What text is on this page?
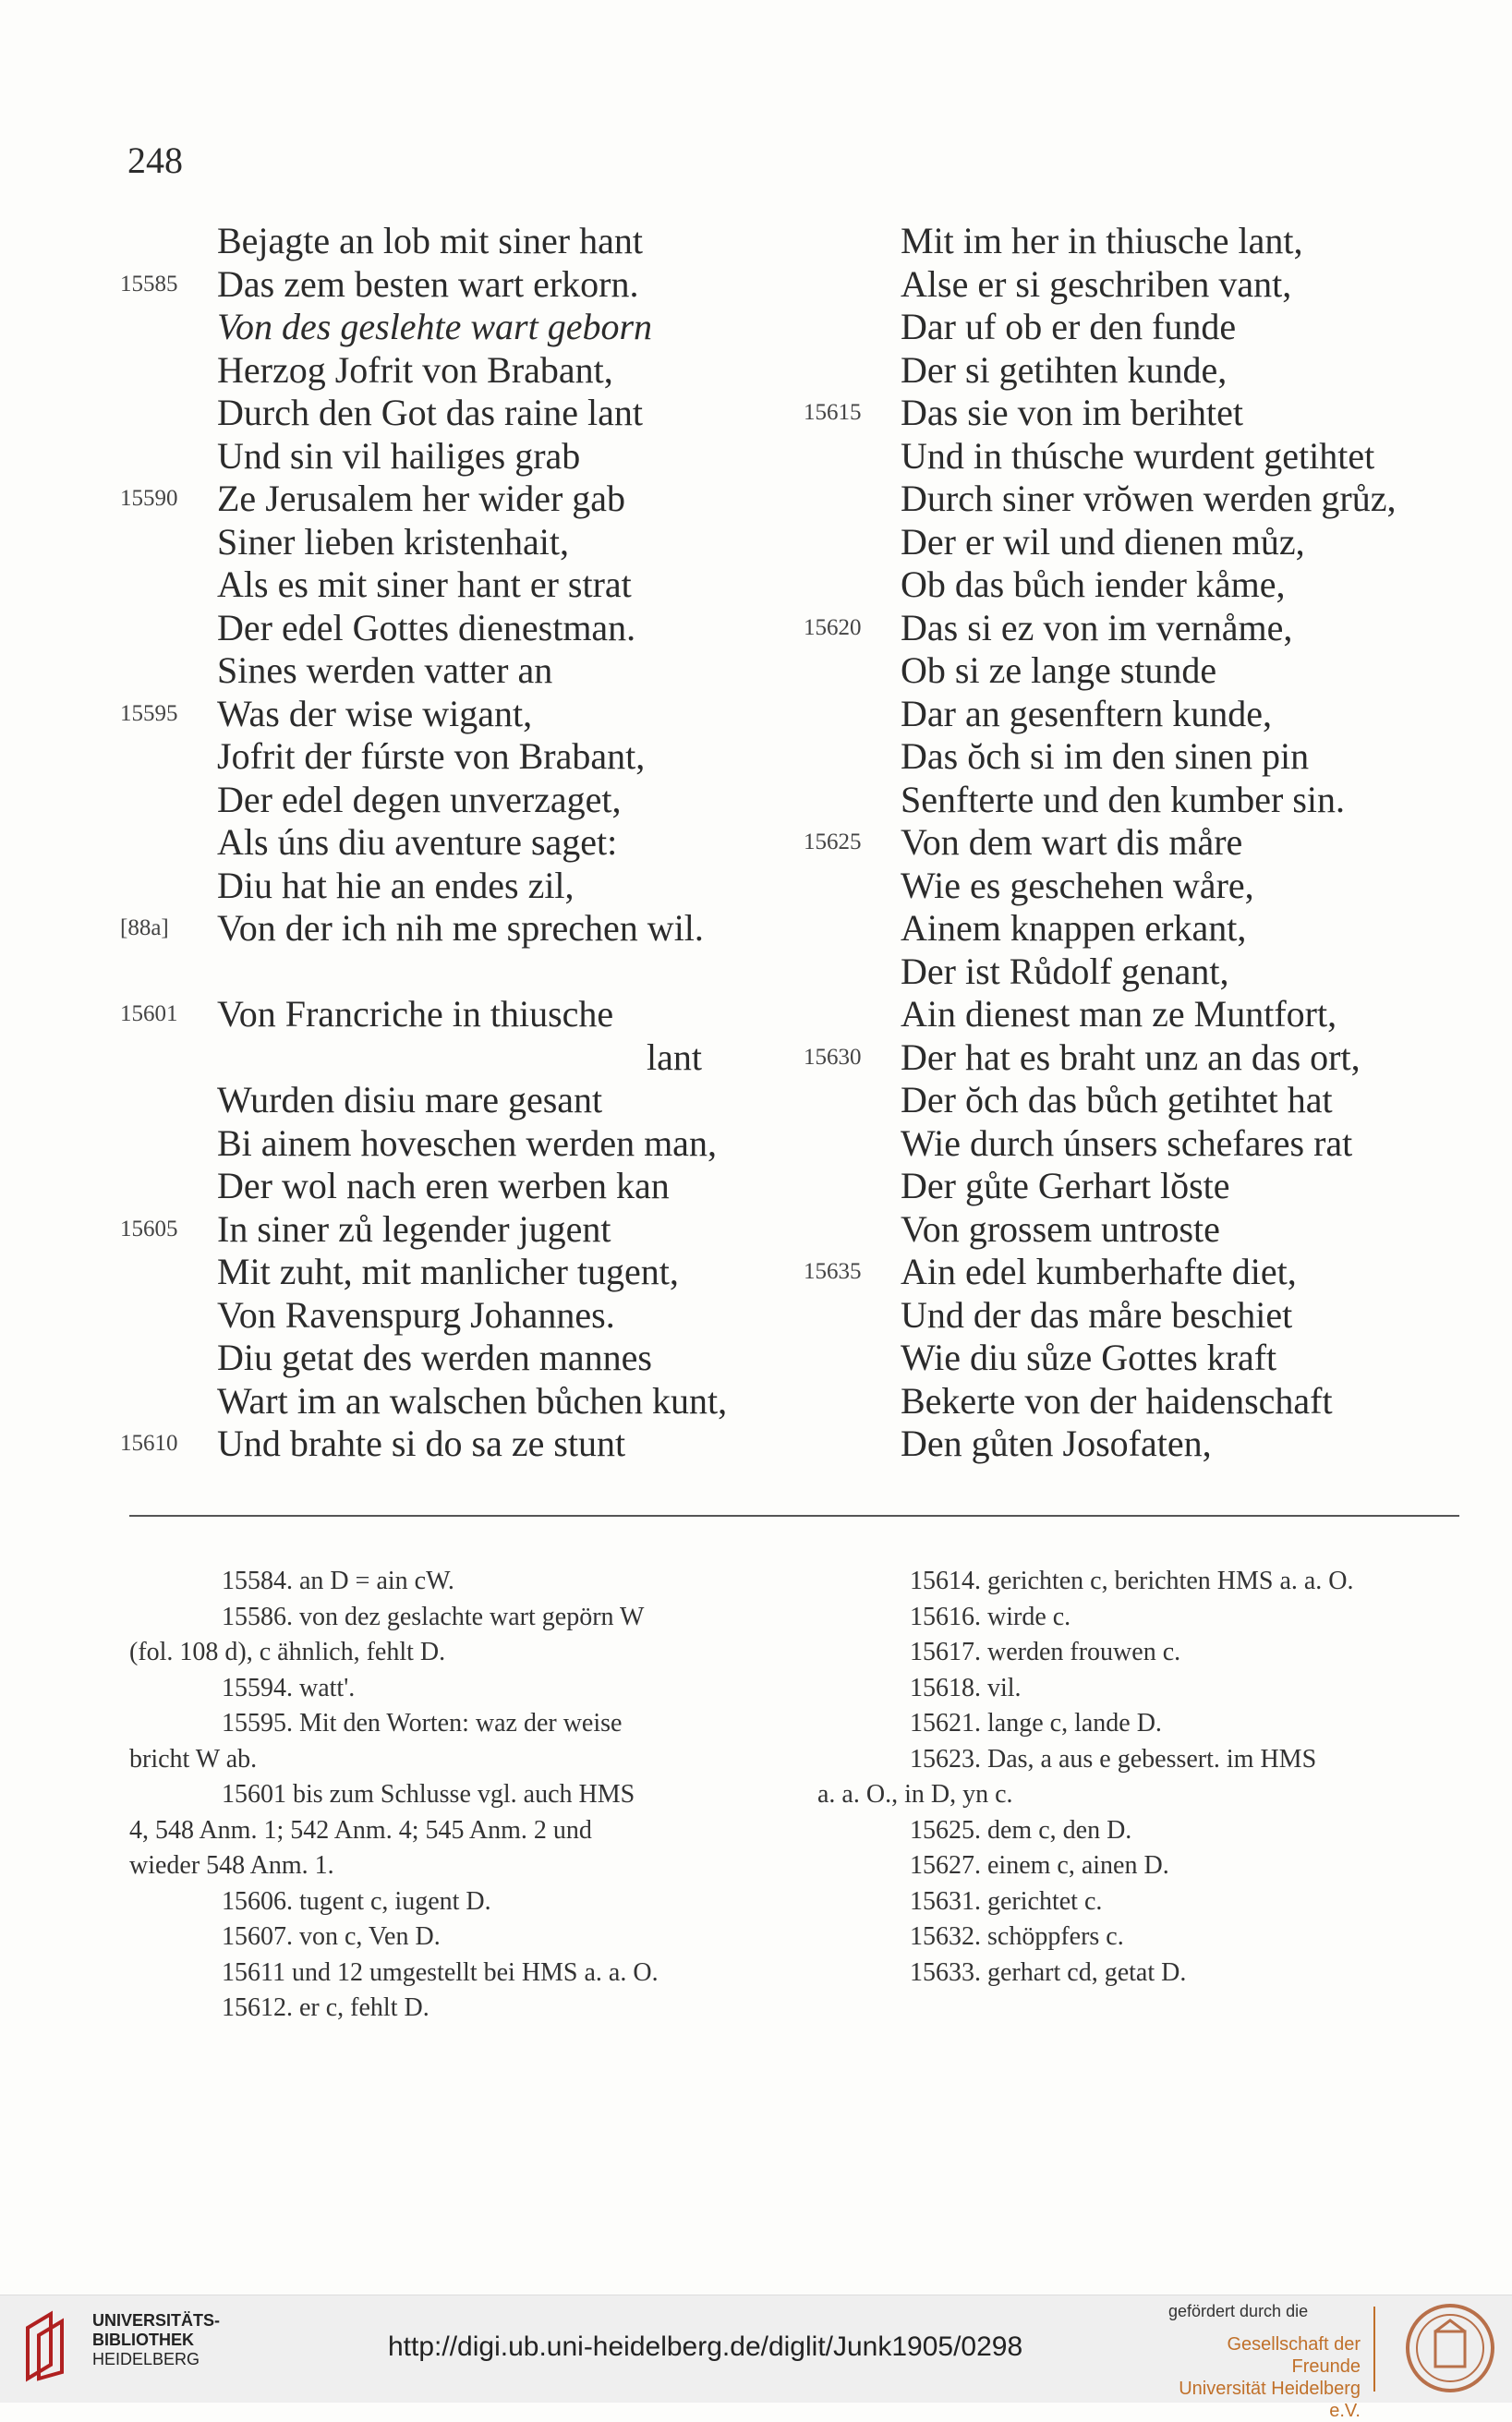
248
Bejagte an lob mit siner hant
15585 Das zem besten wart erkorn.
Von des geslehte wart geborn
Herzog Jofrit von Brabant,
Durch den Got das raine lant
Und sin vil hailiges grab
15590 Ze Jerusalem her wider gab
Siner lieben kristenhait,
Als es mit siner hant er strat
Der edel Gottes dienestman.
Sines werden vatter an
15595 Was der wise wigant,
Jofrit der fúrste von Brabant,
Der edel degen unverzaget,
Als úns diu aventure saget:
Diu hat hie an endes zil,
[88a] Von der ich nih me sprechen wil.
15601 Von Francriche in thiusche
lant
Wurden disiu mare gesant
Bi ainem hoveschen werden man,
Der wol nach eren werben kan
15605 In siner zů legender jugent
Mit zuht, mit manlicher tugent,
Von Ravenspurg Johannes.
Diu getat des werden mannes
Wart im an walschen bůchen kunt,
15610 Und brahte si do sa ze stunt
Mit im her in thiusche lant,
Alse er si geschriben vant,
Dar uf ob er den funde
Der si getihten kunde,
15615 Das sie von im berihtet
Und in thúsche wurdent getihtet
Durch siner vrŏwen werden grůz,
Der er wil und dienen můz,
Ob das bůch iender kåme,
15620 Das si ez von im vernåme,
Ob si ze lange stunde
Dar an gesenftern kunde,
Das ŏch si im den sinen pin
Senfterte und den kumber sin.
15625 Von dem wart dis måre
Wie es geschehen wåre,
Ainem knappen erkant,
Der ist Růdolf genant,
Ain dienest man ze Muntfort,
15630 Der hat es braht unz an das ort,
Der ŏch das bůch getihtet hat
Wie durch únsers schefares rat
Der gůte Gerhart lŏste
Von grossem untroste
15635 Ain edel kumberhafte diet,
Und der das måre beschiet
Wie diu sůze Gottes kraft
Bekerte von der haidenschaft
Den gůten Josofaten,
15584. an D = ain cW.
15586. von dez geslachte wart gepörn W
(fol. 108 d), c ähnlich, fehlt D.
15594. watt'.
15595. Mit den Worten: waz der weise
bricht W ab.
15601 bis zum Schlusse vgl. auch HMS
4, 548 Anm. 1; 542 Anm. 4; 545 Anm. 2 und
wieder 548 Anm. 1.
15606. tugent c, iugent D.
15607. von c, Ven D.
15611 und 12 umgestellt bei HMS a. a. O.
15612. er c, fehlt D.
15614. gerichten c, berichten HMS a. a. O.
15616. wirde c.
15617. werden frouwen c.
15618. vil.
15621. lange c, lande D.
15623. Das, a aus e gebessert. im HMS
a. a. O., in D, yn c.
15625. dem c, den D.
15627. einem c, ainen D.
15631. gerichtet c.
15632. schöppfers c.
15633. gerhart cd, getat D.
UNIVERSITÄTS-
BIBLIOTHEK
HEIDELBERG	http://digi.ub.uni-heidelberg.de/diglit/Junk1905/0298
gefördert durch die
Gesellschaft der Freunde
Universität Heidelberg e.V.
